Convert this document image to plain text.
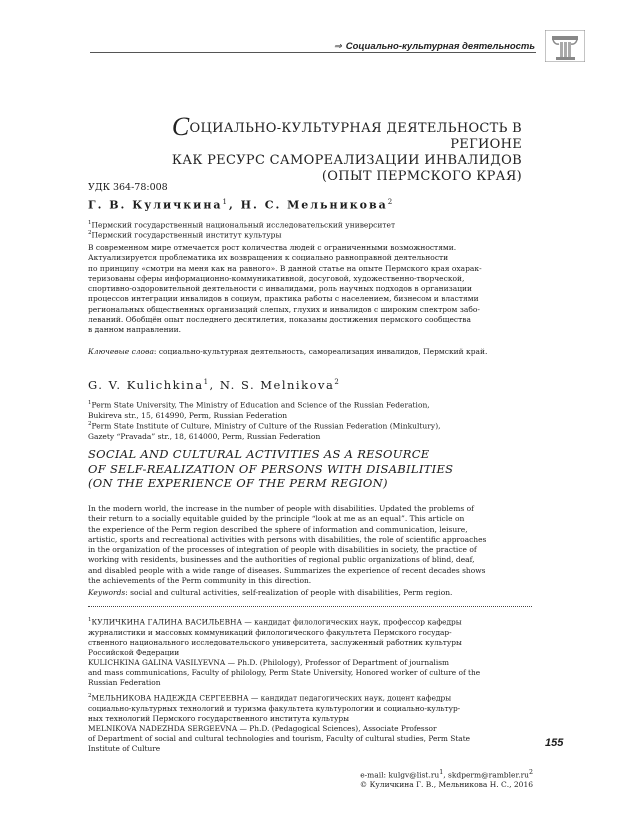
⇒ Социально-культурная деятельность
СОЦИАЛЬНО-КУЛЬТУРНАЯ ДЕЯТЕЛЬНОСТЬ В РЕГИОНЕ
КАК РЕСУРС САМОРЕАЛИЗАЦИИ ИНВАЛИДОВ
(ОПЫТ ПЕРМСКОГО КРАЯ)
УДК 364-78:008
Г. В. Куличкина$^1$, Н. С. Мельникова$^2$
$^1$Пермский государственный национальный исследовательский университет
$^2$Пермский государственный институт культуры
В современном мире отмечается рост количества людей с ограниченными возможностями.
Актуализируется проблематика их возвращения к социально равноправной деятельности
по принципу «смотри на меня как на равного». В данной статье на опыте Пермского края охарак-
теризованы сферы информационно-коммуникативной, досуговой, художественно-творческой,
спортивно-оздоровительной деятельности с инвалидами, роль научных подходов в организации
процессов интеграции инвалидов в социум, практика работы с населением, бизнесом и властями
региональных общественных организаций слепых, глухих и инвалидов с широким спектром забо-
леваний. Обобщён опыт последнего десятилетия, показаны достижения пермского сообщества
в данном направлении.
Ключевые слова: социально-культурная деятельность, самореализация инвалидов, Пермский край.
G. V. Kulichkina$^1$, N. S. Melnikova$^2$
$^1$Perm State University, The Ministry of Education and Science of the Russian Federation,
Bukireva str., 15, 614990, Perm, Russian Federation
$^2$Perm State Institute of Culture, Ministry of Culture of the Russian Federation (Minkulturу),
Gazety “Pravada” str., 18, 614000, Perm, Russian Federation
SOCIAL AND CULTURAL ACTIVITIES AS A RESOURCE
OF SELF-REALIZATION OF PERSONS WITH DISABILITIES
(ON THE EXPERIENCE OF THE PERM REGION)
In the modern world, the increase in the number of people with disabilities. Updated the problems of
their return to a socially equitable guided by the principle “look at me as an equal”. This article on
the experience of the Perm region described the sphere of information and communication, leisure,
artistic, sports and recreational activities with persons with disabilities, the role of scientific approaches
in the organization of the processes of integration of people with disabilities in society, the practice of
working with residents, businesses and the authorities of regional public organizations of blind, deaf,
and disabled people with a wide range of diseases. Summarizes the experience of recent decades shows
the achievements of the Perm community in this direction.
Keywords: social and cultural activities, self-realization of people with disabilities, Perm region.
$^1$КУЛИЧКИНА ГАЛИНА ВАСИЛЬЕВНА — кандидат филологических наук, профессор кафедры
журналистики и массовых коммуникаций филологического факультета Пермского государ-
ственного национального исследовательского университета, заслуженный работник культуры
Российской Федерации
KULICHKINA GALINA VASILYEVNA — Ph.D. (Philology), Professor of Department of journalism
and mass communications, Faculty of philology, Perm State University, Honored worker of culture of the
Russian Federation
$^2$МЕЛЬНИКОВА НАДЕЖДА СЕРГЕЕВНА — кандидат педагогических наук, доцент кафедры
социально-культурных технологий и туризма факультета культурологии и социально-культур-
ных технологий Пермского государственного института культуры
MELNIKOVA NADEZHDA SERGEEVNA — Ph.D. (Pedagogical Sciences), Associate Professor
of Department of social and cultural technologies and tourism, Faculty of cultural studies, Perm State
Institute of Culture	155
e-mail: $kulgv@list.ru^1$, $skdperm@rambler.ru^2$
© Куличкина Г. В., Мельникова Н. С., 2016
